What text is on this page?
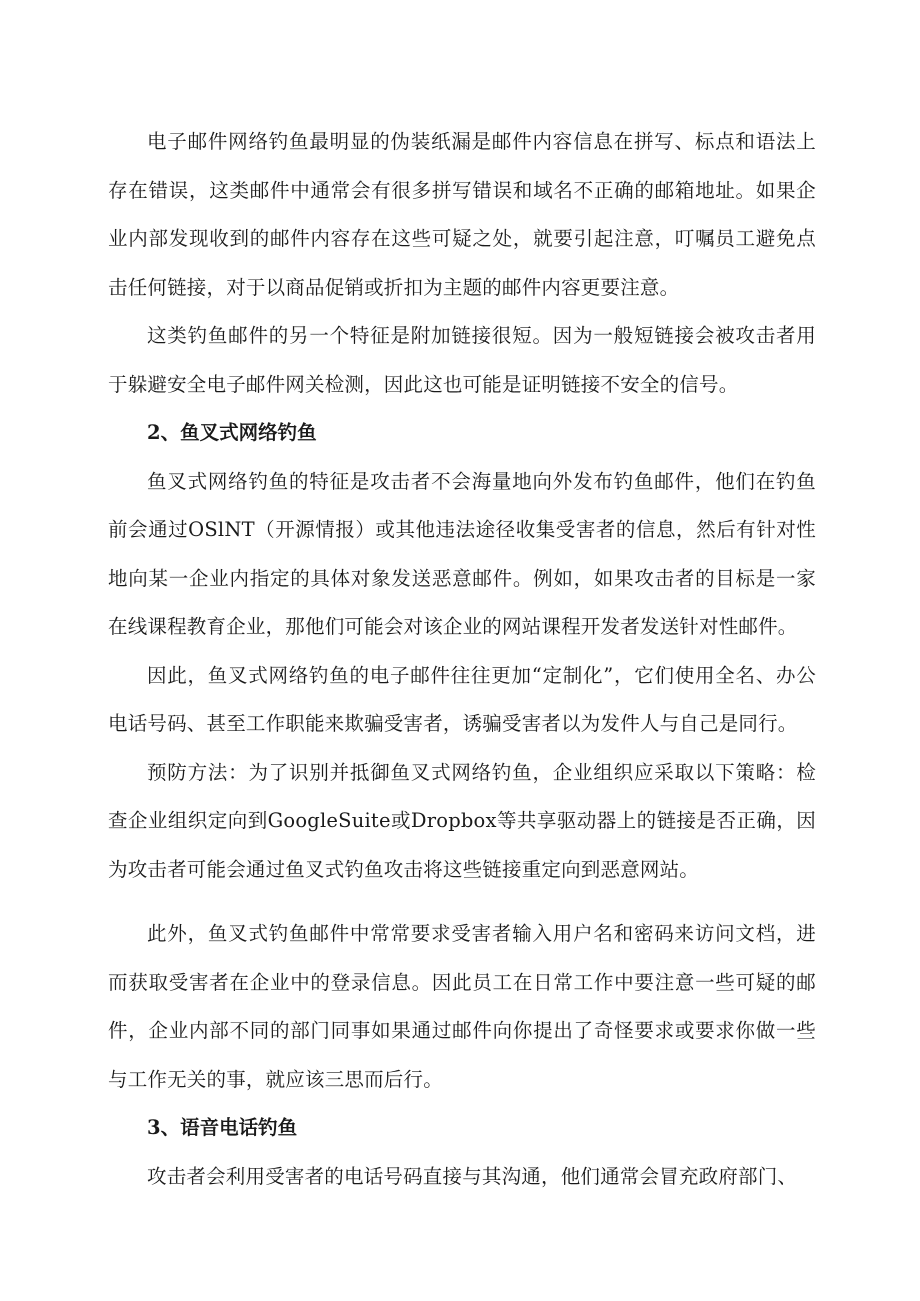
电子邮件网络钓鱼最明显的伪装纸漏是邮件内容信息在拼写、标点和语法上存在错误，这类邮件中通常会有很多拼写错误和域名不正确的邮箱地址。如果企业内部发现收到的邮件内容存在这些可疑之处，就要引起注意，叮嘱员工避免点击任何链接，对于以商品促销或折扣为主题的邮件内容更要注意。

这类钓鱼邮件的另一个特征是附加链接很短。因为一般短链接会被攻击者用于躲避安全电子邮件网关检测，因此这也可能是证明链接不安全的信号。

2、鱼叉式网络钓鱼

鱼叉式网络钓鱼的特征是攻击者不会海量地向外发布钓鱼邮件，他们在钓鱼前会通过OSlNT（开源情报）或其他违法途径收集受害者的信息，然后有针对性地向某一企业内指定的具体对象发送恶意邮件。例如，如果攻击者的目标是一家在线课程教育企业，那他们可能会对该企业的网站课程开发者发送针对性邮件。

因此，鱼叉式网络钓鱼的电子邮件往往更加“定制化”，它们使用全名、办公电话号码、甚至工作职能来欺骗受害者，诱骗受害者以为发件人与自己是同行。

预防方法：为了识别并抵御鱼叉式网络钓鱼，企业组织应采取以下策略：检查企业组织定向到GoogleSuite或Dropbox等共享驱动器上的链接是否正确，因为攻击者可能会通过鱼叉式钓鱼攻击将这些链接重定向到恶意网站。

此外，鱼叉式钓鱼邮件中常常要求受害者输入用户名和密码来访问文档，进而获取受害者在企业中的登录信息。因此员工在日常工作中要注意一些可疑的邮件，企业内部不同的部门同事如果通过邮件向你提出了奇怪要求或要求你做一些与工作无关的事，就应该三思而后行。

3、语音电话钓鱼

攻击者会利用受害者的电话号码直接与其沟通，他们通常会冒充政府部门、
